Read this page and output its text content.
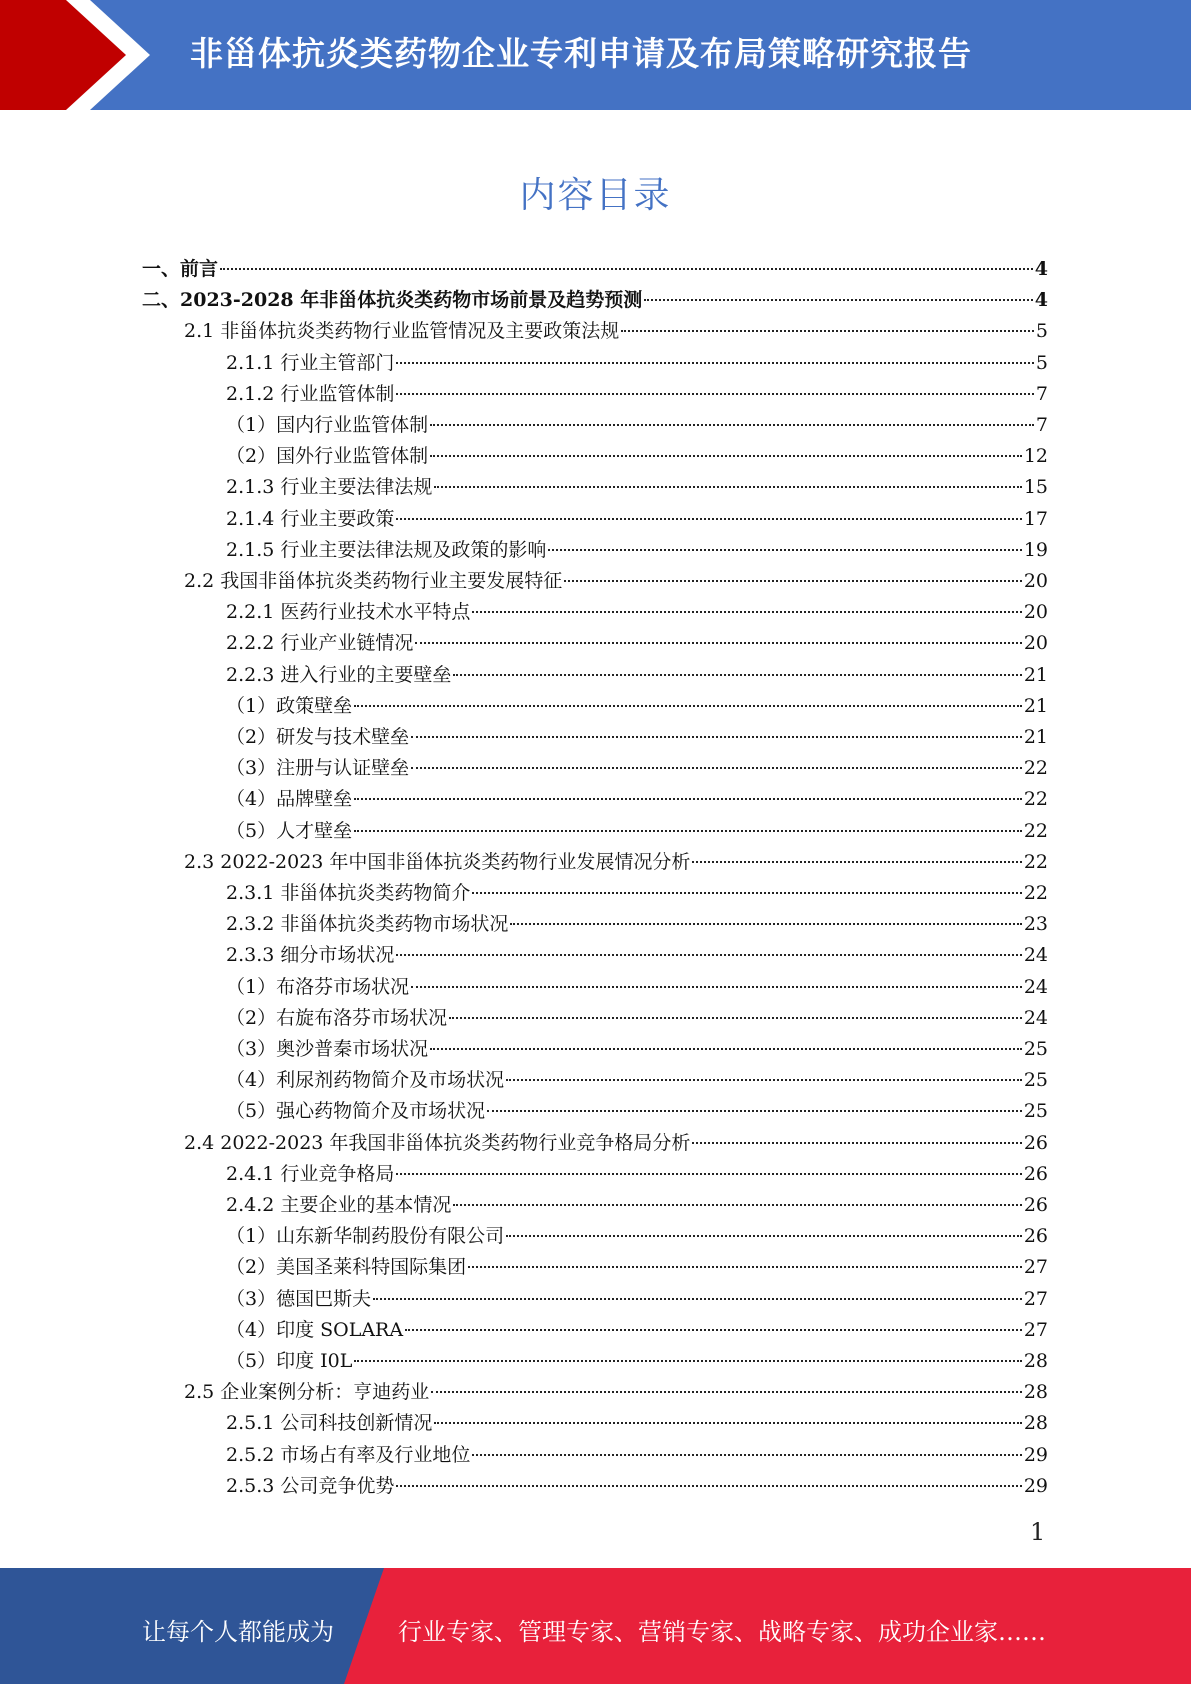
非甾体抗炎类药物企业专利申请及布局策略研究报告
内容目录
一、前言	4
二、2023-2028 年非甾体抗炎类药物市场前景及趋势预测	4
2.1 非甾体抗炎类药物行业监管情况及主要政策法规	5
2.1.1 行业主管部门	5
2.1.2 行业监管体制	7
（1）国内行业监管体制	7
（2）国外行业监管体制	12
2.1.3 行业主要法律法规	15
2.1.4 行业主要政策	17
2.1.5 行业主要法律法规及政策的影响	19
2.2 我国非甾体抗炎类药物行业主要发展特征	20
2.2.1 医药行业技术水平特点	20
2.2.2 行业产业链情况	20
2.2.3 进入行业的主要壁垒	21
（1）政策壁垒	21
（2）研发与技术壁垒	21
（3）注册与认证壁垒	22
（4）品牌壁垒	22
（5）人才壁垒	22
2.3 2022-2023 年中国非甾体抗炎类药物行业发展情况分析	22
2.3.1 非甾体抗炎类药物简介	22
2.3.2 非甾体抗炎类药物市场状况	23
2.3.3 细分市场状况	24
（1）布洛芬市场状况	24
（2）右旋布洛芬市场状况	24
（3）奥沙普秦市场状况	25
（4）利尿剂药物简介及市场状况	25
（5）强心药物简介及市场状况	25
2.4 2022-2023 年我国非甾体抗炎类药物行业竞争格局分析	26
2.4.1 行业竞争格局	26
2.4.2 主要企业的基本情况	26
（1）山东新华制药股份有限公司	26
（2）美国圣莱科特国际集团	27
（3）德国巴斯夫	27
（4）印度 SOLARA	27
（5）印度 I0L	28
2.5 企业案例分析：亨迪药业	28
2.5.1 公司科技创新情况	28
2.5.2 市场占有率及行业地位	29
2.5.3 公司竞争优势	29
1
让每个人都能成为	行业专家、管理专家、营销专家、战略专家、成功企业家……
